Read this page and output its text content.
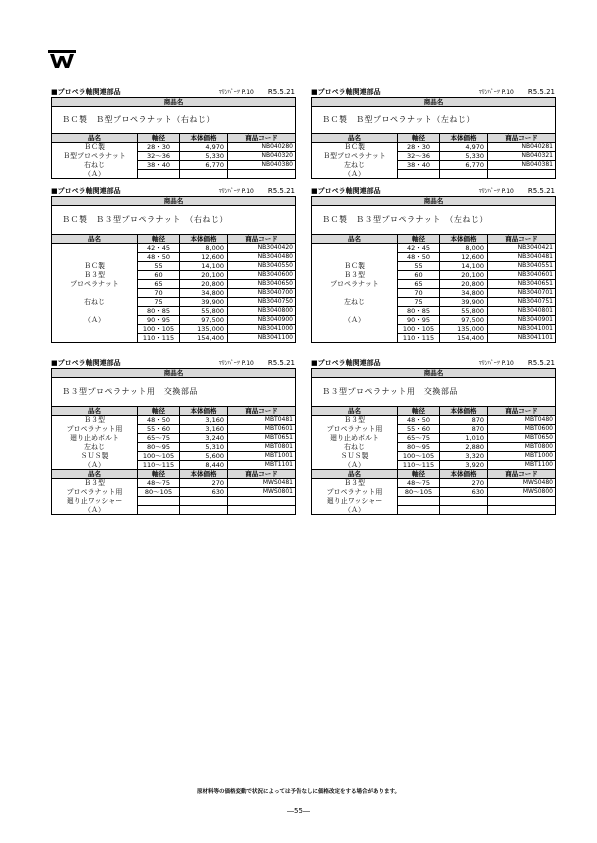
■プロペラ軸関連部品	ﾏﾘﾝﾊﾟｰﾂ P.10 R5.5.21
商品名			
ＢＣ製　Ｂ型プロペラナット（右ねじ）			
品名	軸径	本体価格	商品コード
ＢＣ製	28・30	4,970	NB040280
Ｂ型プロペラナット	32～36	5,330	NB040320
右ねじ	38・40	6,770	NB040380
（Ａ）			
■プロペラ軸関連部品	ﾏﾘﾝﾊﾟｰﾂ P.10 R5.5.21
商品名			
ＢＣ製　Ｂ型プロペラナット（左ねじ）			
品名	軸径	本体価格	商品コード
ＢＣ製	28・30	4,970	NB040281
Ｂ型プロペラナット	32～36	5,330	NB040321
左ねじ	38・40	6,770	NB040381
（Ａ）			
■プロペラ軸関連部品	ﾏﾘﾝﾊﾟｰﾂ P.10 R5.5.21
商品名			
ＢＣ製　Ｂ３型プロペラナット　（右ねじ）			
品名	軸径	本体価格	商品コード
	42・45	8,000	NB3040420
	48・50	12,600	NB3040480
ＢＣ製	55	14,100	NB3040550
Ｂ３型	60	20,100	NB3040600
プロペラナット	65	20,800	NB3040650
	70	34,800	NB3040700
右ねじ	75	39,900	NB3040750
	80・85	55,800	NB3040800
（Ａ）	90・95	97,500	NB3040900
	100・105	135,000	NB3041000
	110・115	154,400	NB3041100
■プロペラ軸関連部品	ﾏﾘﾝﾊﾟｰﾂ P.10 R5.5.21
商品名			
ＢＣ製　Ｂ３型プロペラナット　（左ねじ）			
品名	軸径	本体価格	商品コード
	42・45	8,000	NB3040421
	48・50	12,600	NB3040481
ＢＣ製	55	14,100	NB3040551
Ｂ３型	60	20,100	NB3040601
プロペラナット	65	20,800	NB3040651
	70	34,800	NB3040701
左ねじ	75	39,900	NB3040751
	80・85	55,800	NB3040801
（Ａ）	90・95	97,500	NB3040901
	100・105	135,000	NB3041001
	110・115	154,400	NB3041101
■プロペラ軸関連部品	ﾏﾘﾝﾊﾟｰﾂ P.10 R5.5.21
商品名			
Ｂ３型プロペラナット用　交換部品			
品名	軸径	本体価格	商品コード
Ｂ３型	48・50	3,160	MBT0481
プロペラナット用	55・60	3,160	MBT0601
廻り止めボルト	65～75	3,240	MBT0651
左ねじ	80～95	5,310	MBT0801
ＳＵＳ製	100～105	5,600	MBT1001
（Ａ）	110～115	8,440	MBT1101
品名	軸径	本体価格	商品コード
Ｂ３型	48～75	270	MWS0481
プロペラナット用	80～105	630	MWS0801
廻り止ワッシャー			
（Ａ）			
■プロペラ軸関連部品	ﾏﾘﾝﾊﾟｰﾂ P.10 R5.5.21
商品名			
Ｂ３型プロペラナット用　交換部品			
品名	軸径	本体価格	商品コード
Ｂ３型	48・50	870	MBT0480
プロペラナット用	55・60	870	MBT0600
廻り止めボルト	65～75	1,010	MBT0650
右ねじ	80～95	2,880	MBT0800
ＳＵＳ製	100～105	3,320	MBT1000
（Ａ）	110～115	3,920	MBT1100
品名	軸径	本体価格	商品コード
Ｂ３型	48～75	270	MWS0480
プロペラナット用	80～105	630	MWS0800
廻り止ワッシャー			
（Ａ）			
原材料等の価格変動で状況によっては予告なしに価格改定をする場合があります。
―55―
